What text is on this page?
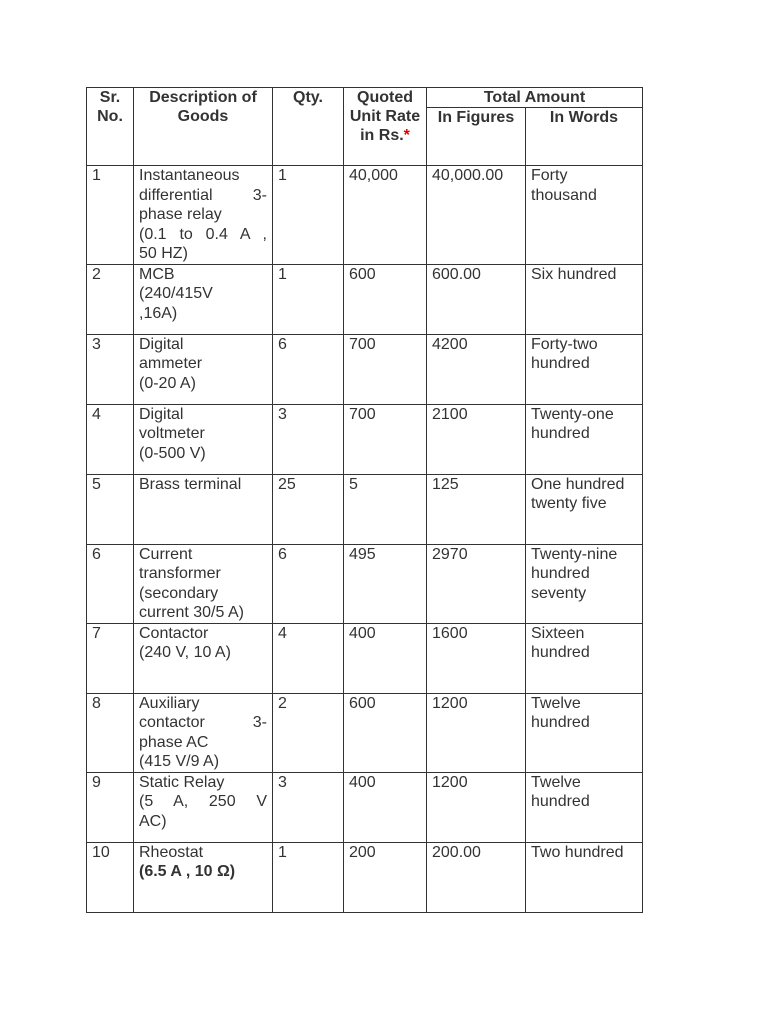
Sr. No.	Description of Goods	Qty.	Quoted Unit Rate in Rs.*	Total Amount	
				In Figures	In Words
1	Instantaneous
differential 3-
phase relay
(0.1 to 0.4 A ,
50 HZ)	1	40,000	40,000.00	Forty thousand
2	MCB
(240/415V
,16A)	1	600	600.00	Six hundred
3	Digital
ammeter
(0-20 A)	6	700	4200	Forty-two hundred
4	Digital
voltmeter
(0-500 V)	3	700	2100	Twenty-one hundred
5	Brass terminal	25	5	125	One hundred twenty five
6	Current
transformer
(secondary
current 30/5 A)	6	495	2970	Twenty-nine hundred seventy
7	Contactor
(240 V, 10 A)	4	400	1600	Sixteen hundred
8	Auxiliary
contactor 3-
phase AC
(415 V/9 A)	2	600	1200	Twelve hundred
9	Static Relay
(5 A, 250 V
AC)	3	400	1200	Twelve hundred
10	Rheostat
(6.5 A , 10 Ω)	1	200	200.00	Two hundred
